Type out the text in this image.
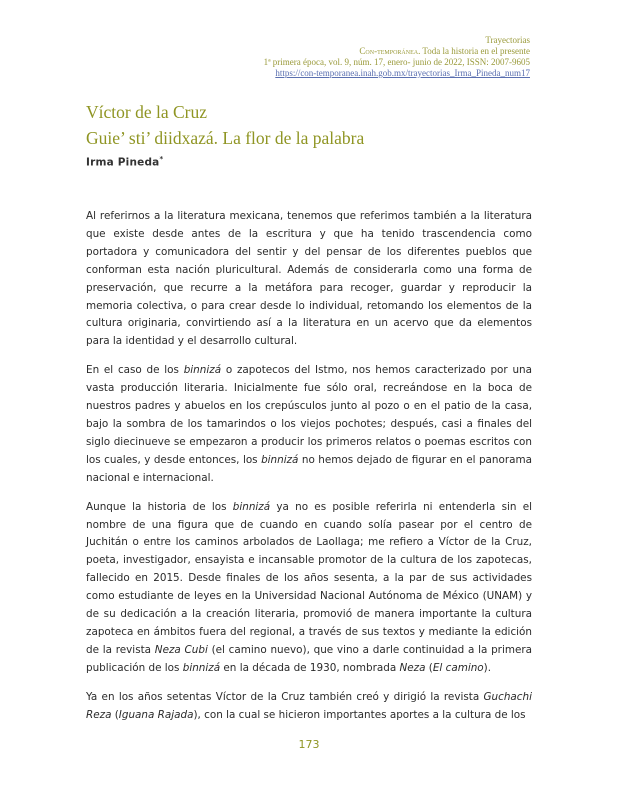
Trayectorias
Con-temporánea. Toda la historia en el presente
1ª primera época, vol. 9, núm. 17, enero- junio de 2022, ISSN: 2007-9605
https://con-temporanea.inah.gob.mx/trayectorias_Irma_Pineda_num17
Víctor de la Cruz
Guie’ sti’ diidxazá. La flor de la palabra
Irma Pineda*

Al referirnos a la literatura mexicana, tenemos que referimos también a la literatura que existe desde antes de la escritura y que ha tenido trascendencia como portadora y comunicadora del sentir y del pensar de los diferentes pueblos que conforman esta nación pluricultural. Además de considerarla como una forma de preservación, que recurre a la metáfora para recoger, guardar y reproducir la memoria colectiva, o para crear desde lo individual, retomando los elementos de la cultura originaria, convirtiendo así a la literatura en un acervo que da elementos para la identidad y el desarrollo cultural.

En el caso de los binnizá o zapotecos del Istmo, nos hemos caracterizado por una vasta producción literaria. Inicialmente fue sólo oral, recreándose en la boca de nuestros padres y abuelos en los crepúsculos junto al pozo o en el patio de la casa, bajo la sombra de los tamarindos o los viejos pochotes; después, casi a finales del siglo diecinueve se empezaron a producir los primeros relatos o poemas escritos con los cuales, y desde entonces, los binnizá no hemos dejado de figurar en el panorama nacional e internacional.

Aunque la historia de los binnizá ya no es posible referirla ni entenderla sin el nombre de una figura que de cuando en cuando solía pasear por el centro de Juchitán o entre los caminos arbolados de Laollaga; me refiero a Víctor de la Cruz, poeta, investigador, ensayista e incansable promotor de la cultura de los zapotecas, fallecido en 2015. Desde finales de los años sesenta, a la par de sus actividades como estudiante de leyes en la Universidad Nacional Autónoma de México (UNAM) y de su dedicación a la creación literaria, promovió de manera importante la cultura zapoteca en ámbitos fuera del regional, a través de sus textos y mediante la edición de la revista Neza Cubi (el camino nuevo), que vino a darle continuidad a la primera publicación de los binnizá en la década de 1930, nombrada Neza (El camino).

Ya en los años setentas Víctor de la Cruz también creó y dirigió la revista Guchachi Reza (Iguana Rajada), con la cual se hicieron importantes aportes a la cultura de los

173
